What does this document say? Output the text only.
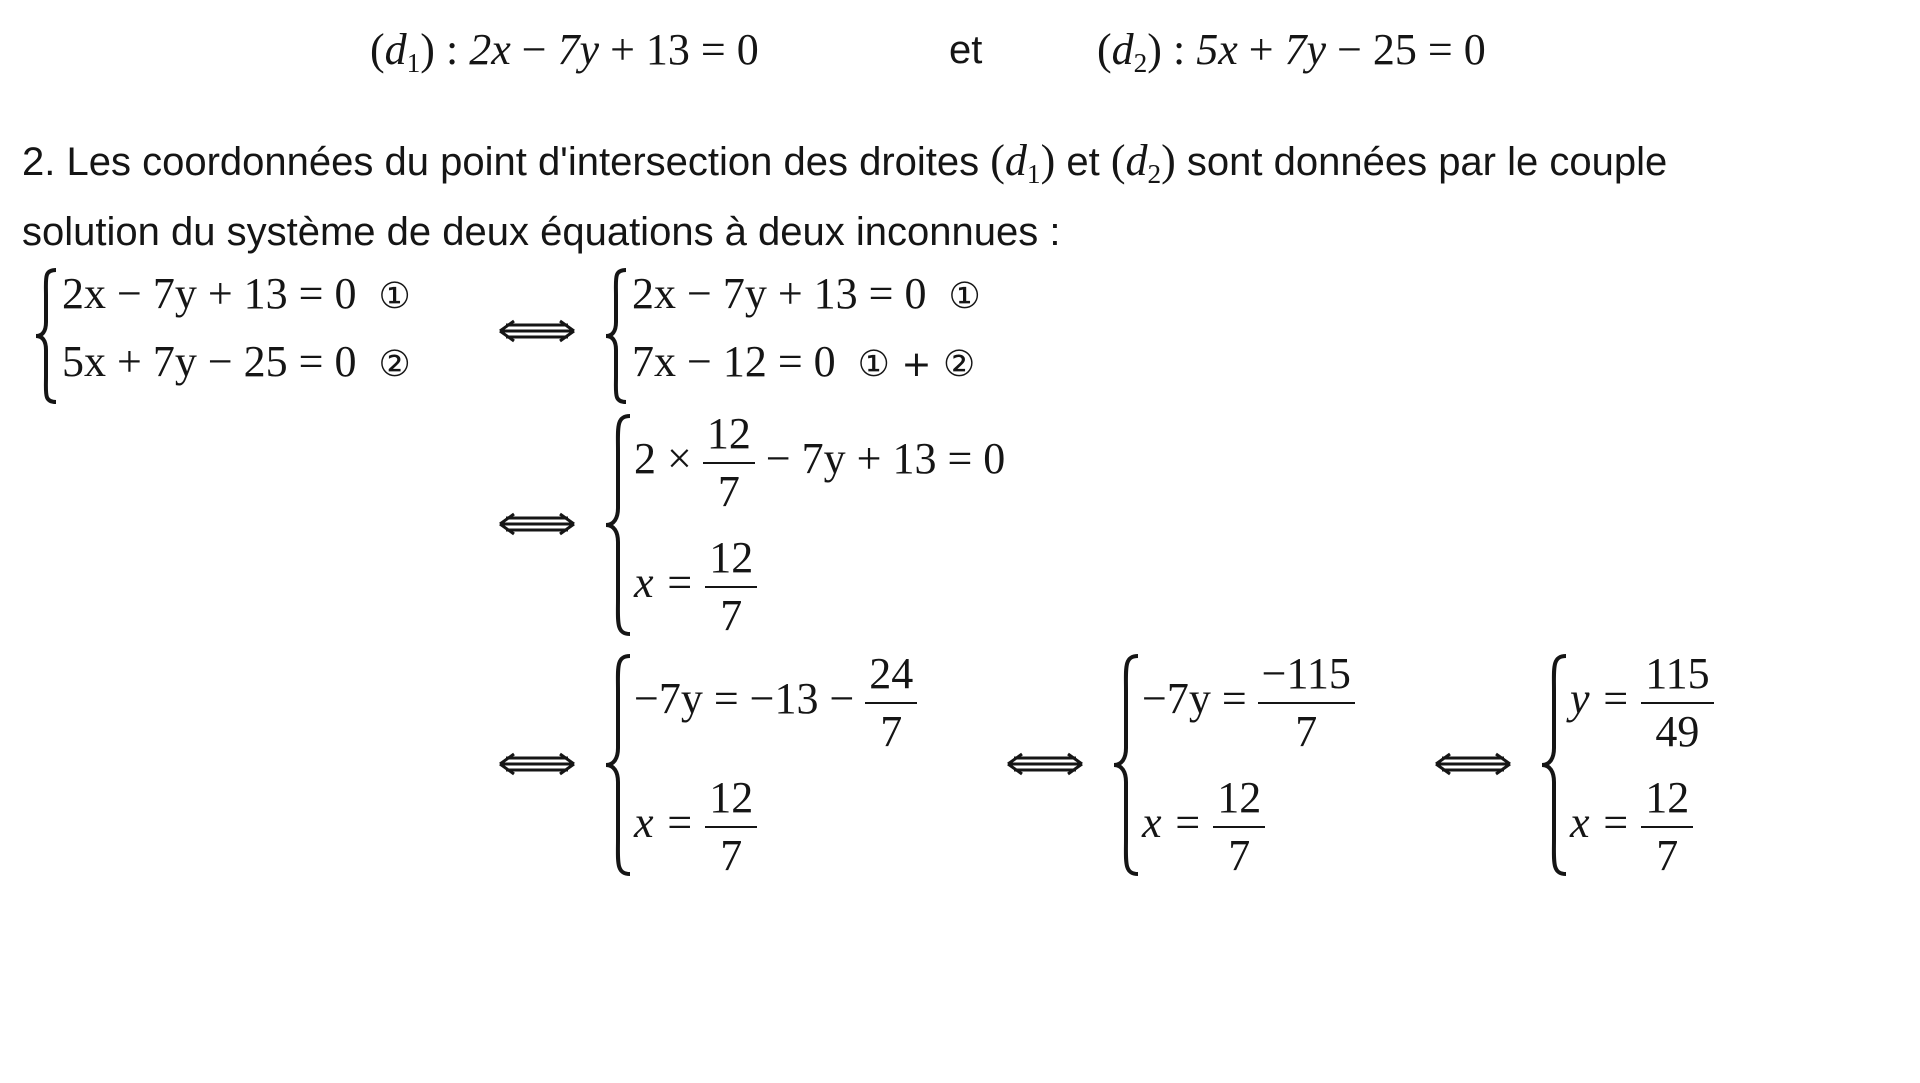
$(d_1)$ : 2x − 7y + 13 = 0	et	$(d_2)$ : 5x + 7y − 25 = 0
2. Les coordonnées du point d'intersection des droites $(d_1)$ et $(d_2)$ sont données par le couple
solution du système de deux équations à deux inconnues :
2x − 7y + 13 = 0 ①
5x + 7y − 25 = 0 ②
2x − 7y + 13 = 0 ①
7x − 12 = 0 ① + ②
$2 \times \frac{12}{7} - 7y + 13 = 0$
$x = \frac{12}{7}$
$-7y = -13 - \frac{24}{7}$
$x = \frac{12}{7}$
$-7y = \frac{-115}{7}$
$x = \frac{12}{7}$
$y = \frac{115}{49}$
$x = \frac{12}{7}$
